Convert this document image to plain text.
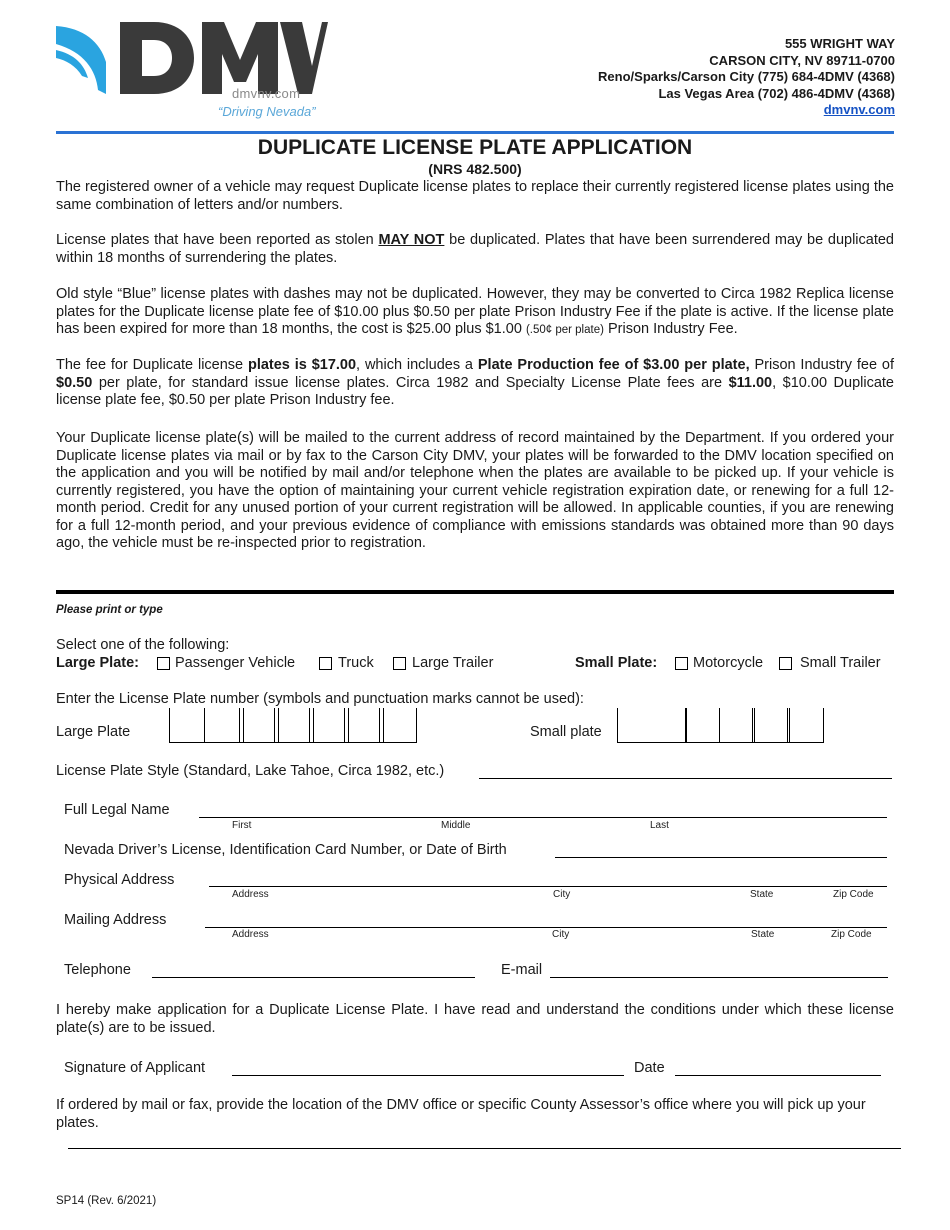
dmvnv.com
“Driving Nevada”
555 WRIGHT WAY
CARSON CITY, NV 89711-0700
Reno/Sparks/Carson City (775) 684-4DMV (4368)
Las Vegas Area (702) 486-4DMV (4368)
dmvnv.com
DUPLICATE LICENSE PLATE APPLICATION
(NRS 482.500)
The registered owner of a vehicle may request Duplicate license plates to replace their currently registered license plates using the same combination of letters and/or numbers.
License plates that have been reported as stolen MAY NOT be duplicated. Plates that have been surrendered may be duplicated within 18 months of surrendering the plates.
Old style “Blue” license plates with dashes may not be duplicated. However, they may be converted to Circa 1982 Replica license plates for the Duplicate license plate fee of $10.00 plus $0.50 per plate Prison Industry Fee if the plate is active. If the license plate has been expired for more than 18 months, the cost is $25.00 plus $1.00 (.50¢ per plate) Prison Industry Fee.
The fee for Duplicate license plates is $17.00, which includes a Plate Production fee of $3.00 per plate, Prison Industry fee of $0.50 per plate, for standard issue license plates. Circa 1982 and Specialty License Plate fees are $11.00, $10.00 Duplicate license plate fee, $0.50 per plate Prison Industry fee.
Your Duplicate license plate(s) will be mailed to the current address of record maintained by the Department. If you ordered your Duplicate license plates via mail or by fax to the Carson City DMV, your plates will be forwarded to the DMV location specified on the application and you will be notified by mail and/or telephone when the plates are available to be picked up. If your vehicle is currently registered, you have the option of maintaining your current vehicle registration expiration date, or renewing for a full 12-month period. Credit for any unused portion of your current registration will be allowed. In applicable counties, if you are renewing for a full 12-month period, and your previous evidence of compliance with emissions standards was obtained more than 90 days ago, the vehicle must be re-inspected prior to registration.
Please print or type
Select one of the following:
Large Plate: Passenger Vehicle	Truck	Large Trailer	Small Plate: Motorcycle	Small Trailer
Enter the License Plate number (symbols and punctuation marks cannot be used):
Large Plate	Small plate
License Plate Style (Standard, Lake Tahoe, Circa 1982, etc.)
Full Legal Name
First	Middle	Last
Nevada Driver’s License, Identification Card Number, or Date of Birth
Physical Address
Address	City	State	Zip Code
Mailing Address
Address	City	State	Zip Code
Telephone	E-mail
I hereby make application for a Duplicate License Plate. I have read and understand the conditions under which these license plate(s) are to be issued.
Signature of Applicant	Date
If ordered by mail or fax, provide the location of the DMV office or specific County Assessor’s office where you will pick up your plates.
SP14 (Rev. 6/2021)
